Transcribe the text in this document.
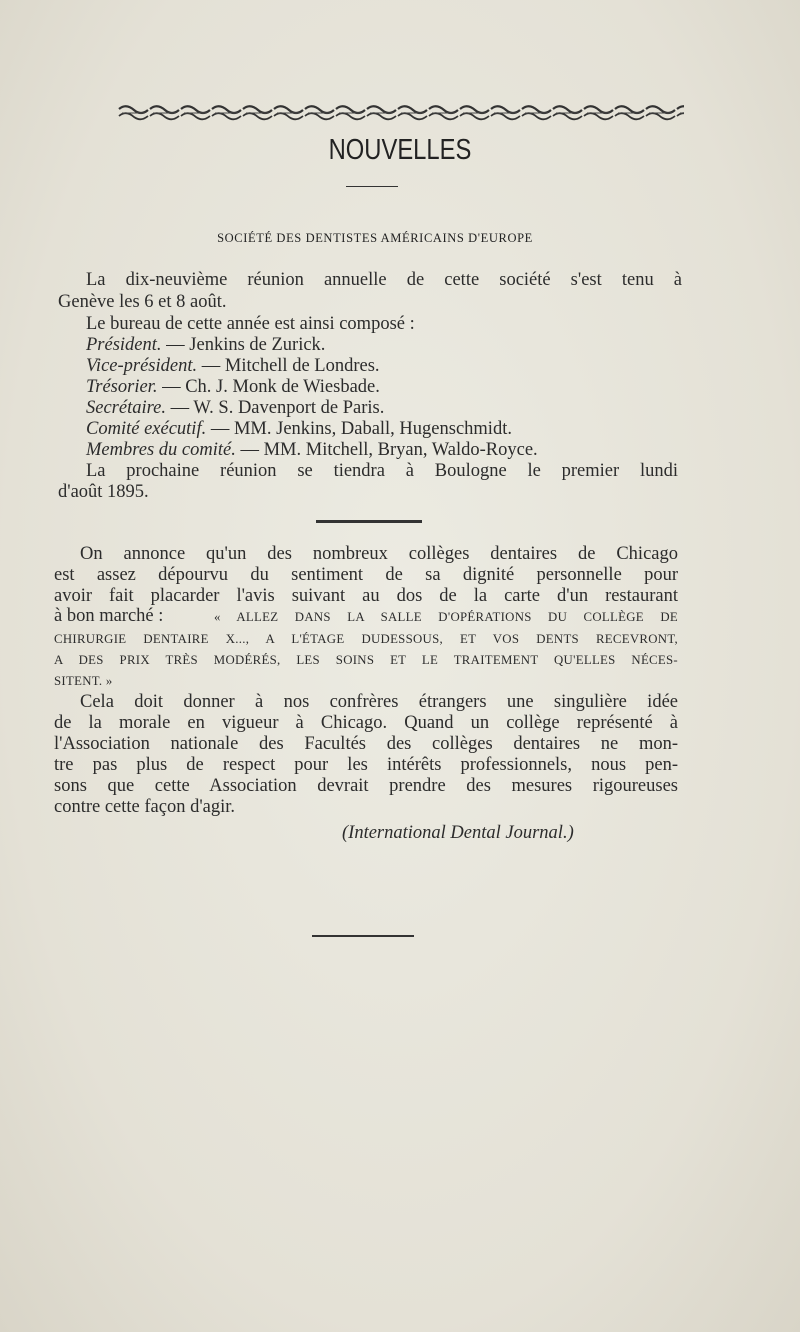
NOUVELLES
SOCIÉTÉ DES DENTISTES AMÉRICAINS D'EUROPE
La dix-neuvième réunion annuelle de cette société s'est tenu à
Genève les 6 et 8 août.
Le bureau de cette année est ainsi composé :
Président. — Jenkins de Zurick.
Vice-président. — Mitchell de Londres.
Trésorier. — Ch. J. Monk de Wiesbade.
Secrétaire. — W. S. Davenport de Paris.
Comité exécutif. — MM. Jenkins, Daball, Hugenschmidt.
Membres du comité. — MM. Mitchell, Bryan, Waldo-Royce.
La prochaine réunion se tiendra à Boulogne le premier lundi
d'août 1895.
On annonce qu'un des nombreux collèges dentaires de Chicago
est assez dépourvu du sentiment de sa dignité personnelle pour
avoir fait placarder l'avis suivant au dos de la carte d'un restaurant
à bon marché :	« ALLEZ DANS LA SALLE D'OPÉRATIONS DU COLLÈGE DE
CHIRURGIE DENTAIRE X..., A L'ÉTAGE DUDESSOUS, ET VOS DENTS RECEVRONT,
A DES PRIX TRÈS MODÉRÉS, LES SOINS ET LE TRAITEMENT QU'ELLES NÉCES-
SITENT. »
Cela doit donner à nos confrères étrangers une singulière idée
de la morale en vigueur à Chicago. Quand un collège représenté à
l'Association nationale des Facultés des collèges dentaires ne mon-
tre pas plus de respect pour les intérêts professionnels, nous pen-
sons que cette Association devrait prendre des mesures rigoureuses
contre cette façon d'agir.
(International Dental Journal.)
